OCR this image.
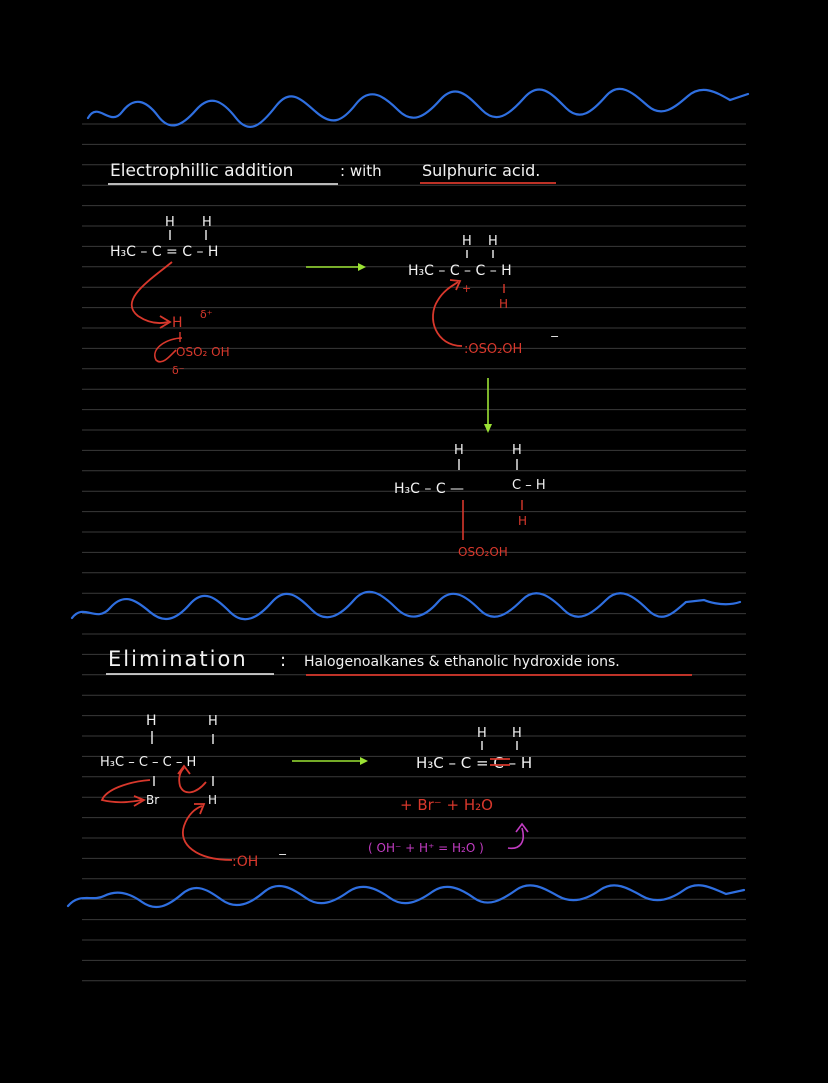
Electrophillic addition	: with	Sulphuric acid.
H H
H₃C – C = C – H
H
δ⁺
OSO₂ OH
δ⁻
H H
H₃C – C – C – H
+
H
:OSO₂OH
−
H	H
H₃C – C —	C – H
H
OSO₂OH
Elimination : Halogenoalkanes & ethanolic hydroxide ions.
H	H
H₃C – C – C – H
Br	H
:OH −
H H
H₃C – C = C – H
+ Br⁻ + H₂O
( OH⁻ + H⁺ = H₂O )
